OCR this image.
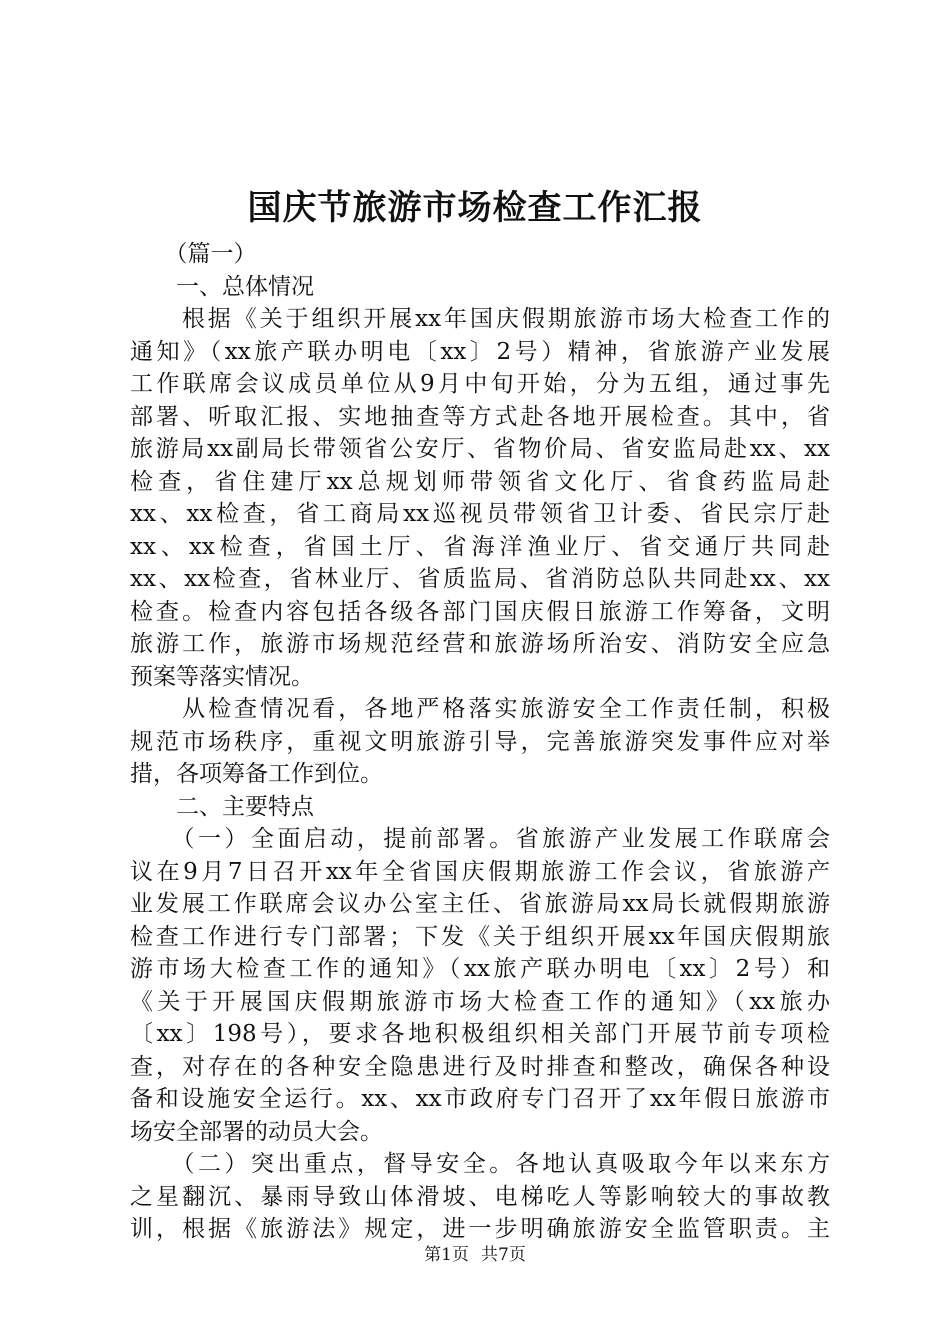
国庆节旅游市场检查工作汇报
　　（篇一）
　　一、总体情况
　　根据《关于组织开展xx年国庆假期旅游市场大检查工作的
通知》（xx旅产联办明电〔xx〕2号）精神，省旅游产业发展
工作联席会议成员单位从9月中旬开始，分为五组，通过事先
部署、听取汇报、实地抽查等方式赴各地开展检查。其中，省
旅游局xx副局长带领省公安厅、省物价局、省安监局赴xx、xx
检查，省住建厅xx总规划师带领省文化厅、省食药监局赴
xx、xx检查，省工商局xx巡视员带领省卫计委、省民宗厅赴
xx、xx检查，省国土厅、省海洋渔业厅、省交通厅共同赴
xx、xx检查，省林业厅、省质监局、省消防总队共同赴xx、xx
检查。检查内容包括各级各部门国庆假日旅游工作筹备，文明
旅游工作，旅游市场规范经营和旅游场所治安、消防安全应急
预案等落实情况。
　　从检查情况看，各地严格落实旅游安全工作责任制，积极
规范市场秩序，重视文明旅游引导，完善旅游突发事件应对举
措，各项筹备工作到位。
　　二、主要特点
　　（一）全面启动，提前部署。省旅游产业发展工作联席会
议在9月7日召开xx年全省国庆假期旅游工作会议，省旅游产
业发展工作联席会议办公室主任、省旅游局xx局长就假期旅游
检查工作进行专门部署；下发《关于组织开展xx年国庆假期旅
游市场大检查工作的通知》（xx旅产联办明电〔xx〕2号）和
《关于开展国庆假期旅游市场大检查工作的通知》（xx旅办
〔xx〕198号），要求各地积极组织相关部门开展节前专项检
查，对存在的各种安全隐患进行及时排查和整改，确保各种设
备和设施安全运行。xx、xx市政府专门召开了xx年假日旅游市
场安全部署的动员大会。
　　（二）突出重点，督导安全。各地认真吸取今年以来东方
之星翻沉、暴雨导致山体滑坡、电梯吃人等影响较大的事故教
训，根据《旅游法》规定，进一步明确旅游安全监管职责。主
第1页 共7页
